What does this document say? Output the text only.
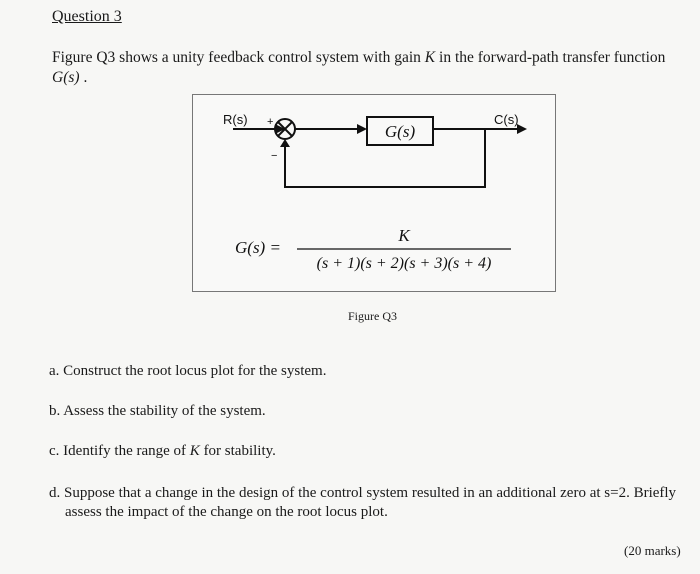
Question 3
Figure Q3 shows a unity feedback control system with gain K in the forward-path transfer function
G(s) .
R(s)	C(s)
+
−
G(s)
G(s) =
K
(s + 1)(s + 2)(s + 3)(s + 4)
Figure Q3
a. Construct the root locus plot for the system.
b. Assess the stability of the system.
c. Identify the range of K for stability.
d. Suppose that a change in the design of the control system resulted in an additional zero at s=2. Briefly
assess the impact of the change on the root locus plot.
(20 marks)
